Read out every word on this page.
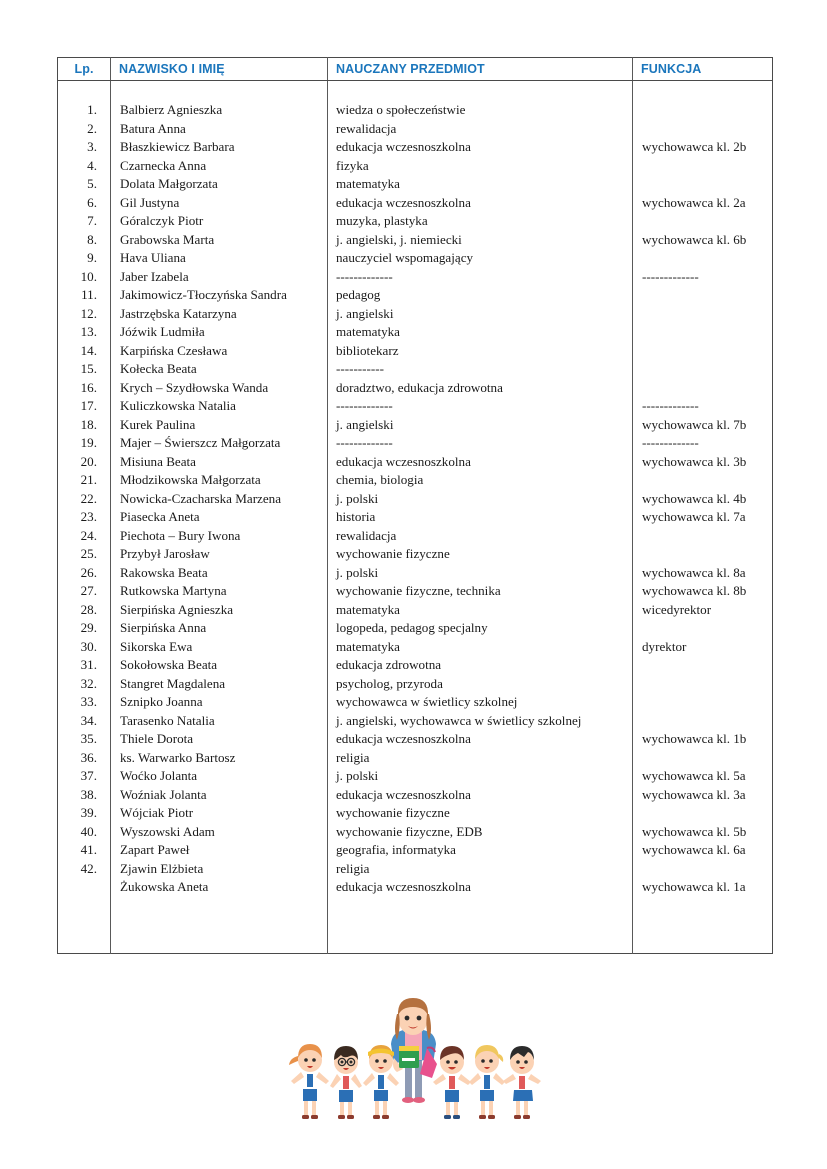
Lp.	NAZWISKO I IMIĘ	NAUCZANY PRZEDMIOT	FUNKCJA

1.	Balbierz Agnieszka	wiedza o społeczeństwie	
2.	Batura Anna	rewalidacja	
3.	Błaszkiewicz Barbara	edukacja wczesnoszkolna	wychowawca kl. 2b
4.	Czarnecka Anna	fizyka	
5.	Dolata Małgorzata	matematyka	
6.	Gil Justyna	edukacja wczesnoszkolna	wychowawca kl. 2a
7.	Góralczyk Piotr	muzyka, plastyka	
8.	Grabowska Marta	j. angielski, j. niemiecki	wychowawca kl. 6b
9.	Hava Uliana	nauczyciel wspomagający	
10.	Jaber Izabela	-------------	-------------
11.	Jakimowicz-Tłoczyńska Sandra	pedagog	
12.	Jastrzębska Katarzyna	j. angielski	
13.	Jóźwik Ludmiła	matematyka	
14.	Karpińska Czesława	bibliotekarz	
15.	Kołecka Beata	-----------	
16.	Krych – Szydłowska Wanda	doradztwo, edukacja zdrowotna	
17.	Kuliczkowska Natalia	-------------	-------------
18.	Kurek Paulina	j. angielski	wychowawca kl. 7b
19.	Majer – Świerszcz Małgorzata	-------------	-------------
20.	Misiuna Beata	edukacja wczesnoszkolna	wychowawca kl. 3b
21.	Młodzikowska Małgorzata	chemia, biologia	
22.	Nowicka-Czacharska Marzena	j. polski	wychowawca kl. 4b
23.	Piasecka Aneta	historia	wychowawca kl. 7a
24.	Piechota – Bury Iwona	rewalidacja	
25.	Przybył Jarosław	wychowanie fizyczne	
26.	Rakowska Beata	j. polski	wychowawca kl. 8a
27.	Rutkowska Martyna	wychowanie fizyczne, technika	wychowawca kl. 8b
28.	Sierpińska Agnieszka	matematyka	wicedyrektor
29.	Sierpińska Anna	logopeda, pedagog specjalny	
30.	Sikorska Ewa	matematyka	dyrektor
31.	Sokołowska Beata	edukacja zdrowotna	
32.	Stangret Magdalena	psycholog, przyroda	
33.	Sznipko Joanna	wychowawca w świetlicy szkolnej	
34.	Tarasenko Natalia	j. angielski, wychowawca w świetlicy szkolnej	
35.	Thiele Dorota	edukacja wczesnoszkolna	wychowawca kl. 1b
36.	ks. Warwarko Bartosz	religia	
37.	Woćko Jolanta	j. polski	wychowawca kl. 5a
38.	Woźniak Jolanta	edukacja wczesnoszkolna	wychowawca kl. 3a
39.	Wójciak Piotr	wychowanie fizyczne	
40.	Wyszowski Adam	wychowanie fizyczne, EDB	wychowawca kl. 5b
41.	Zapart Paweł	geografia, informatyka	wychowawca kl. 6a
42.	Zjawin Elżbieta	religia	
	Żukowska Aneta	edukacja wczesnoszkolna	wychowawca kl. 1a
